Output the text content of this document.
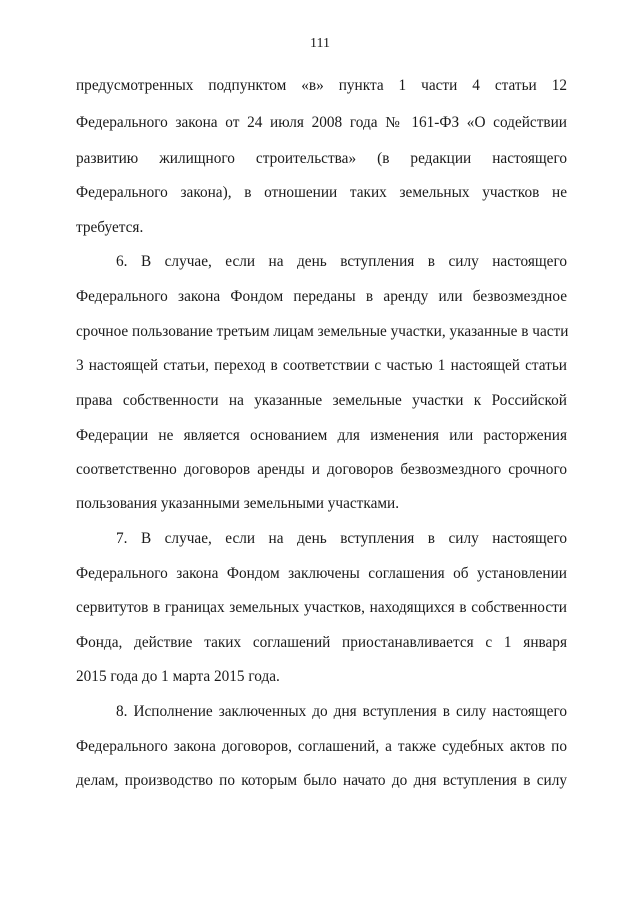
111
предусмотренных подпунктом «в» пункта 1 части 4 статьи 12
Федерального закона от 24 июля 2008 года № 161-ФЗ «О содействии
развитию жилищного строительства» (в редакции настоящего
Федерального закона), в отношении таких земельных участков не
требуется.
6. В случае, если на день вступления в силу настоящего
Федерального закона Фондом переданы в аренду или безвозмездное
срочное пользование третьим лицам земельные участки, указанные в части
3 настоящей статьи, переход в соответствии с частью 1 настоящей статьи
права собственности на указанные земельные участки к Российской
Федерации не является основанием для изменения или расторжения
соответственно договоров аренды и договоров безвозмездного срочного
пользования указанными земельными участками.
7. В случае, если на день вступления в силу настоящего
Федерального закона Фондом заключены соглашения об установлении
сервитутов в границах земельных участков, находящихся в собственности
Фонда, действие таких соглашений приостанавливается с 1 января
2015 года до 1 марта 2015 года.
8. Исполнение заключенных до дня вступления в силу настоящего
Федерального закона договоров, соглашений, а также судебных актов по
делам, производство по которым было начато до дня вступления в силу
